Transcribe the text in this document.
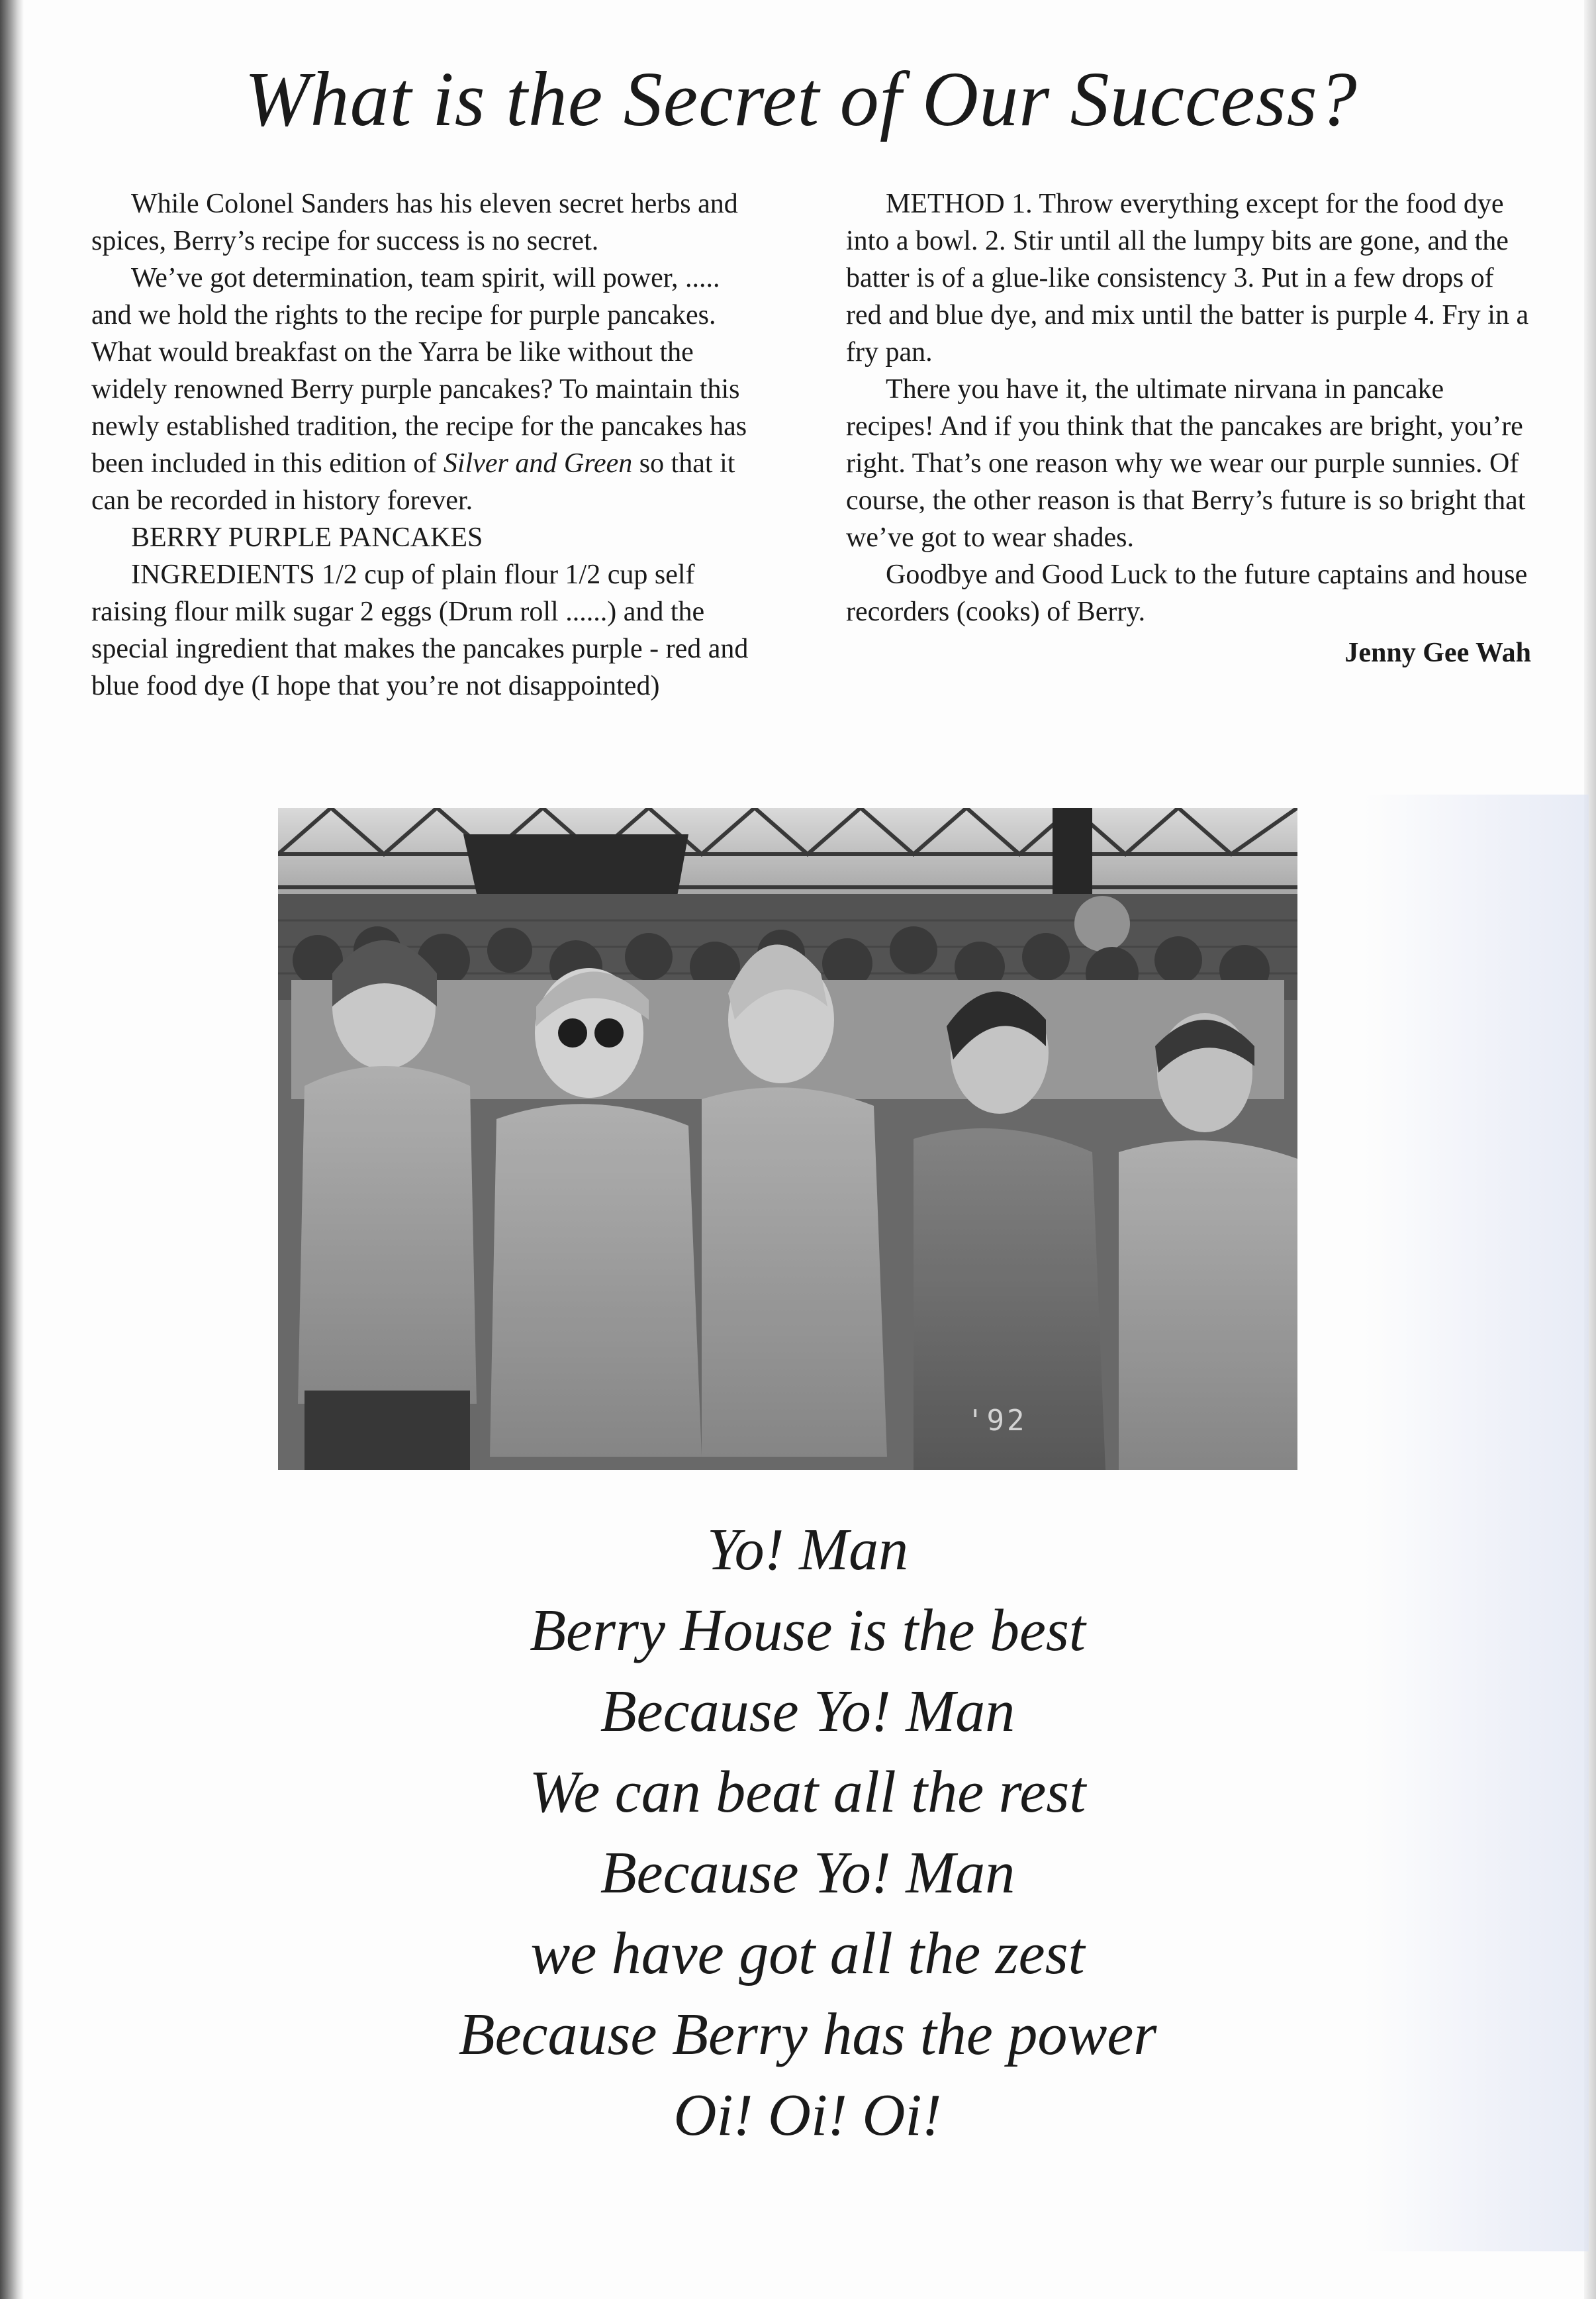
What is the Secret of Our Success?

While Colonel Sanders has his eleven secret herbs and spices, Berry’s recipe for success is no secret.

We’ve got determination, team spirit, will power, ..... and we hold the rights to the recipe for purple pancakes. What would breakfast on the Yarra be like without the widely renowned Berry purple pancakes? To maintain this newly established tradition, the recipe for the pancakes has been included in this edition of Silver and Green so that it can be recorded in history forever.

BERRY PURPLE PANCAKES

INGREDIENTS 1/2 cup of plain flour 1/2 cup self raising flour milk sugar 2 eggs (Drum roll ......) and the special ingredient that makes the pancakes purple - red and blue food dye (I hope that you’re not disappointed)

METHOD 1. Throw everything except for the food dye into a bowl. 2. Stir until all the lumpy bits are gone, and the batter is of a glue-like consistency 3. Put in a few drops of red and blue dye, and mix until the batter is purple 4. Fry in a fry pan.

There you have it, the ultimate nirvana in pancake recipes! And if you think that the pancakes are bright, you’re right. That’s one reason why we wear our purple sunnies. Of course, the other reason is that Berry’s future is so bright that we’ve got to wear shades.

Goodbye and Good Luck to the future captains and house recorders (cooks) of Berry.

Jenny Gee Wah

'92
Yo! Man
Berry House is the best
Because Yo! Man
We can beat all the rest
Because Yo! Man
we have got all the zest
Because Berry has the power
Oi! Oi! Oi!
